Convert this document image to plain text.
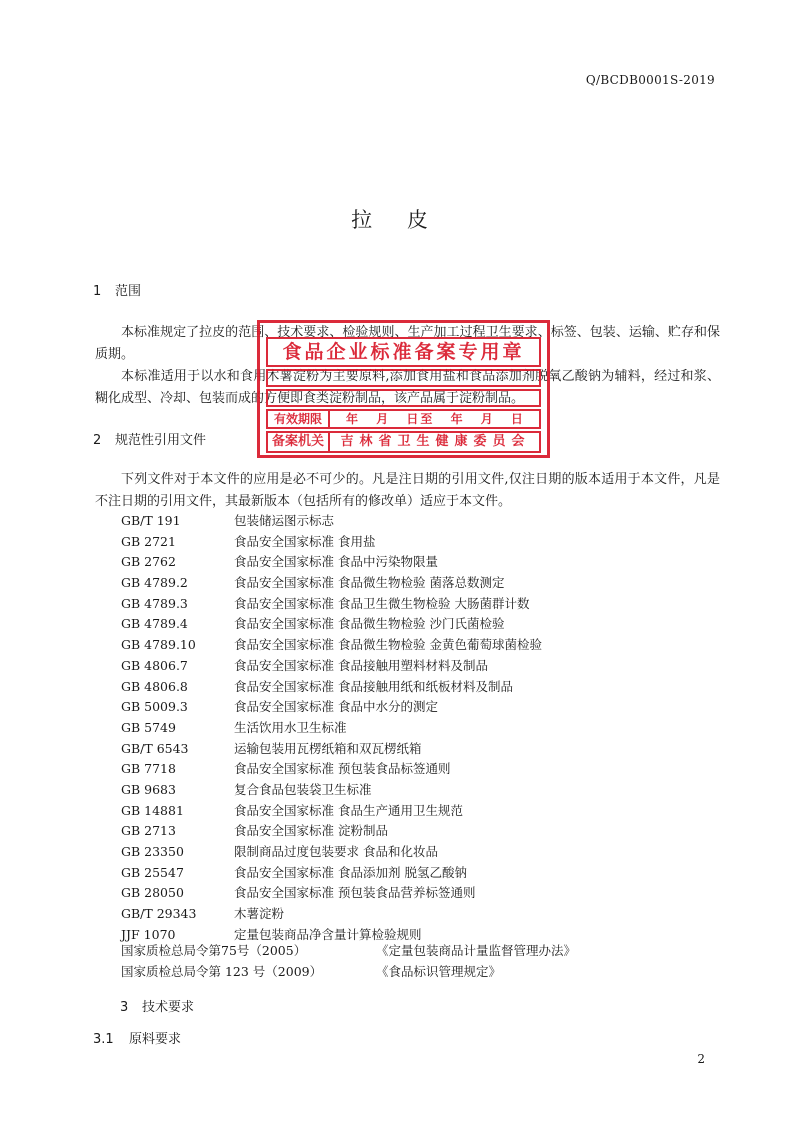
Q/BCDB0001S-2019
拉 皮
1 范围
本标准规定了拉皮的范围、技术要求、检验规则、生产加工过程卫生要求、标签、包装、运输、贮存和保质期。
本标准适用于以水和食用木薯淀粉为主要原料,添加食用盐和食品添加剂脱氧乙酸钠为辅料，经过和浆、糊化成型、冷却、包装而成的方便即食类淀粉制品，该产品属于淀粉制品。
2 规范性引用文件
下列文件对于本文件的应用是必不可少的。凡是注日期的引用文件,仅注日期的版本适用于本文件，凡是不注日期的引用文件，其最新版本（包括所有的修改单）适应于本文件。
GB/T 191	包装储运图示标志
GB 2721	食品安全国家标准 食用盐
GB 2762	食品安全国家标准 食品中污染物限量
GB 4789.2	食品安全国家标准 食品微生物检验 菌落总数测定
GB 4789.3	食品安全国家标准 食品卫生微生物检验 大肠菌群计数
GB 4789.4	食品安全国家标准 食品微生物检验 沙门氏菌检验
GB 4789.10	食品安全国家标准 食品微生物检验 金黄色葡萄球菌检验
GB 4806.7	食品安全国家标准 食品接触用塑料材料及制品
GB 4806.8	食品安全国家标准 食品接触用纸和纸板材料及制品
GB 5009.3	食品安全国家标准 食品中水分的测定
GB 5749	生活饮用水卫生标准
GB/T 6543	运输包装用瓦楞纸箱和双瓦楞纸箱
GB 7718	食品安全国家标准 预包装食品标签通则
GB 9683	复合食品包装袋卫生标准
GB 14881	食品安全国家标准 食品生产通用卫生规范
GB 2713	食品安全国家标准 淀粉制品
GB 23350	限制商品过度包装要求 食品和化妆品
GB 25547	食品安全国家标准 食品添加剂 脱氢乙酸钠
GB 28050	食品安全国家标准 预包装食品营养标签通则
GB/T 29343	木薯淀粉
JJF 1070	定量包装商品净含量计算检验规则
国家质检总局令第75号（2005）	《定量包装商品计量监督管理办法》
国家质检总局令第 123 号（2009）	《食品标识管理规定》
3 技术要求
3.1 原料要求
食品企业标准备案专用章
有效期限	年 月 日至 年 月 日
备案机关	吉林省卫生健康委员会
2
